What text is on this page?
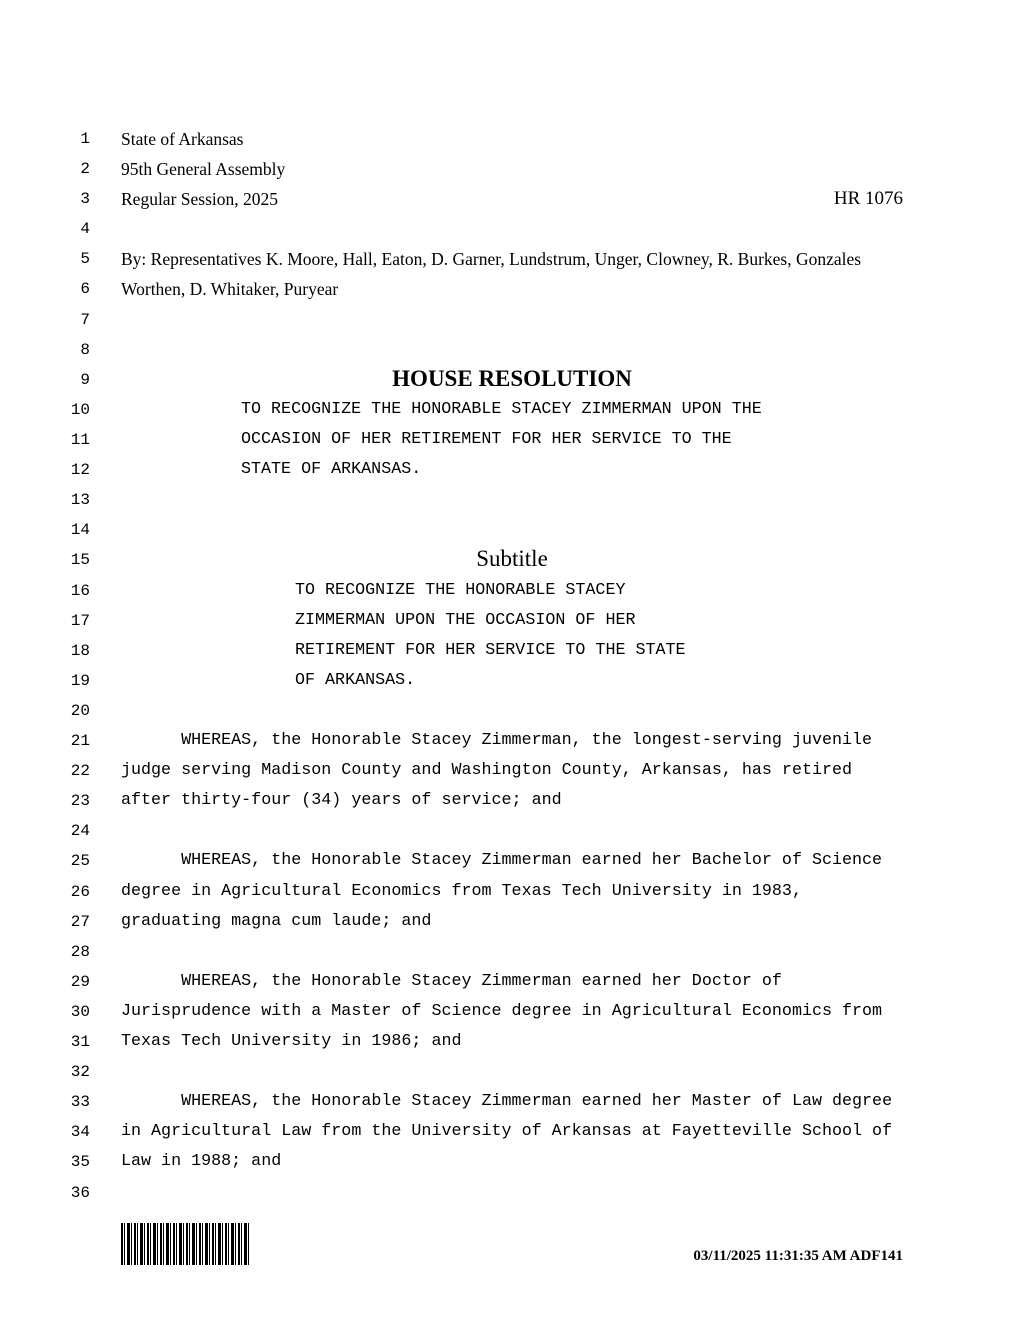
1
2
3
4
5
6
7
8
9
10
11
12
13
14
15
16
17
18
19
20
21
22
23
24
25
26
27
28
29
30
31
32
33
34
35
36
State of Arkansas
95th General Assembly
Regular Session, 2025	HR 1076
By: Representatives K. Moore, Hall, Eaton, D. Garner, Lundstrum, Unger, Clowney, R. Burkes, Gonzales
Worthen, D. Whitaker, Puryear
HOUSE RESOLUTION
TO RECOGNIZE THE HONORABLE STACEY ZIMMERMAN UPON THE
OCCASION OF HER RETIREMENT FOR HER SERVICE TO THE
STATE OF ARKANSAS.
Subtitle
TO RECOGNIZE THE HONORABLE STACEY
ZIMMERMAN UPON THE OCCASION OF HER
RETIREMENT FOR HER SERVICE TO THE STATE
OF ARKANSAS.
WHEREAS, the Honorable Stacey Zimmerman, the longest-serving juvenile
judge serving Madison County and Washington County, Arkansas, has retired
after thirty-four (34) years of service; and
WHEREAS, the Honorable Stacey Zimmerman earned her Bachelor of Science
degree in Agricultural Economics from Texas Tech University in 1983,
graduating magna cum laude; and
WHEREAS, the Honorable Stacey Zimmerman earned her Doctor of
Jurisprudence with a Master of Science degree in Agricultural Economics from
Texas Tech University in 1986; and
WHEREAS, the Honorable Stacey Zimmerman earned her Master of Law degree
in Agricultural Law from the University of Arkansas at Fayetteville School of
Law in 1988; and
03/11/2025 11:31:35 AM ADF141
